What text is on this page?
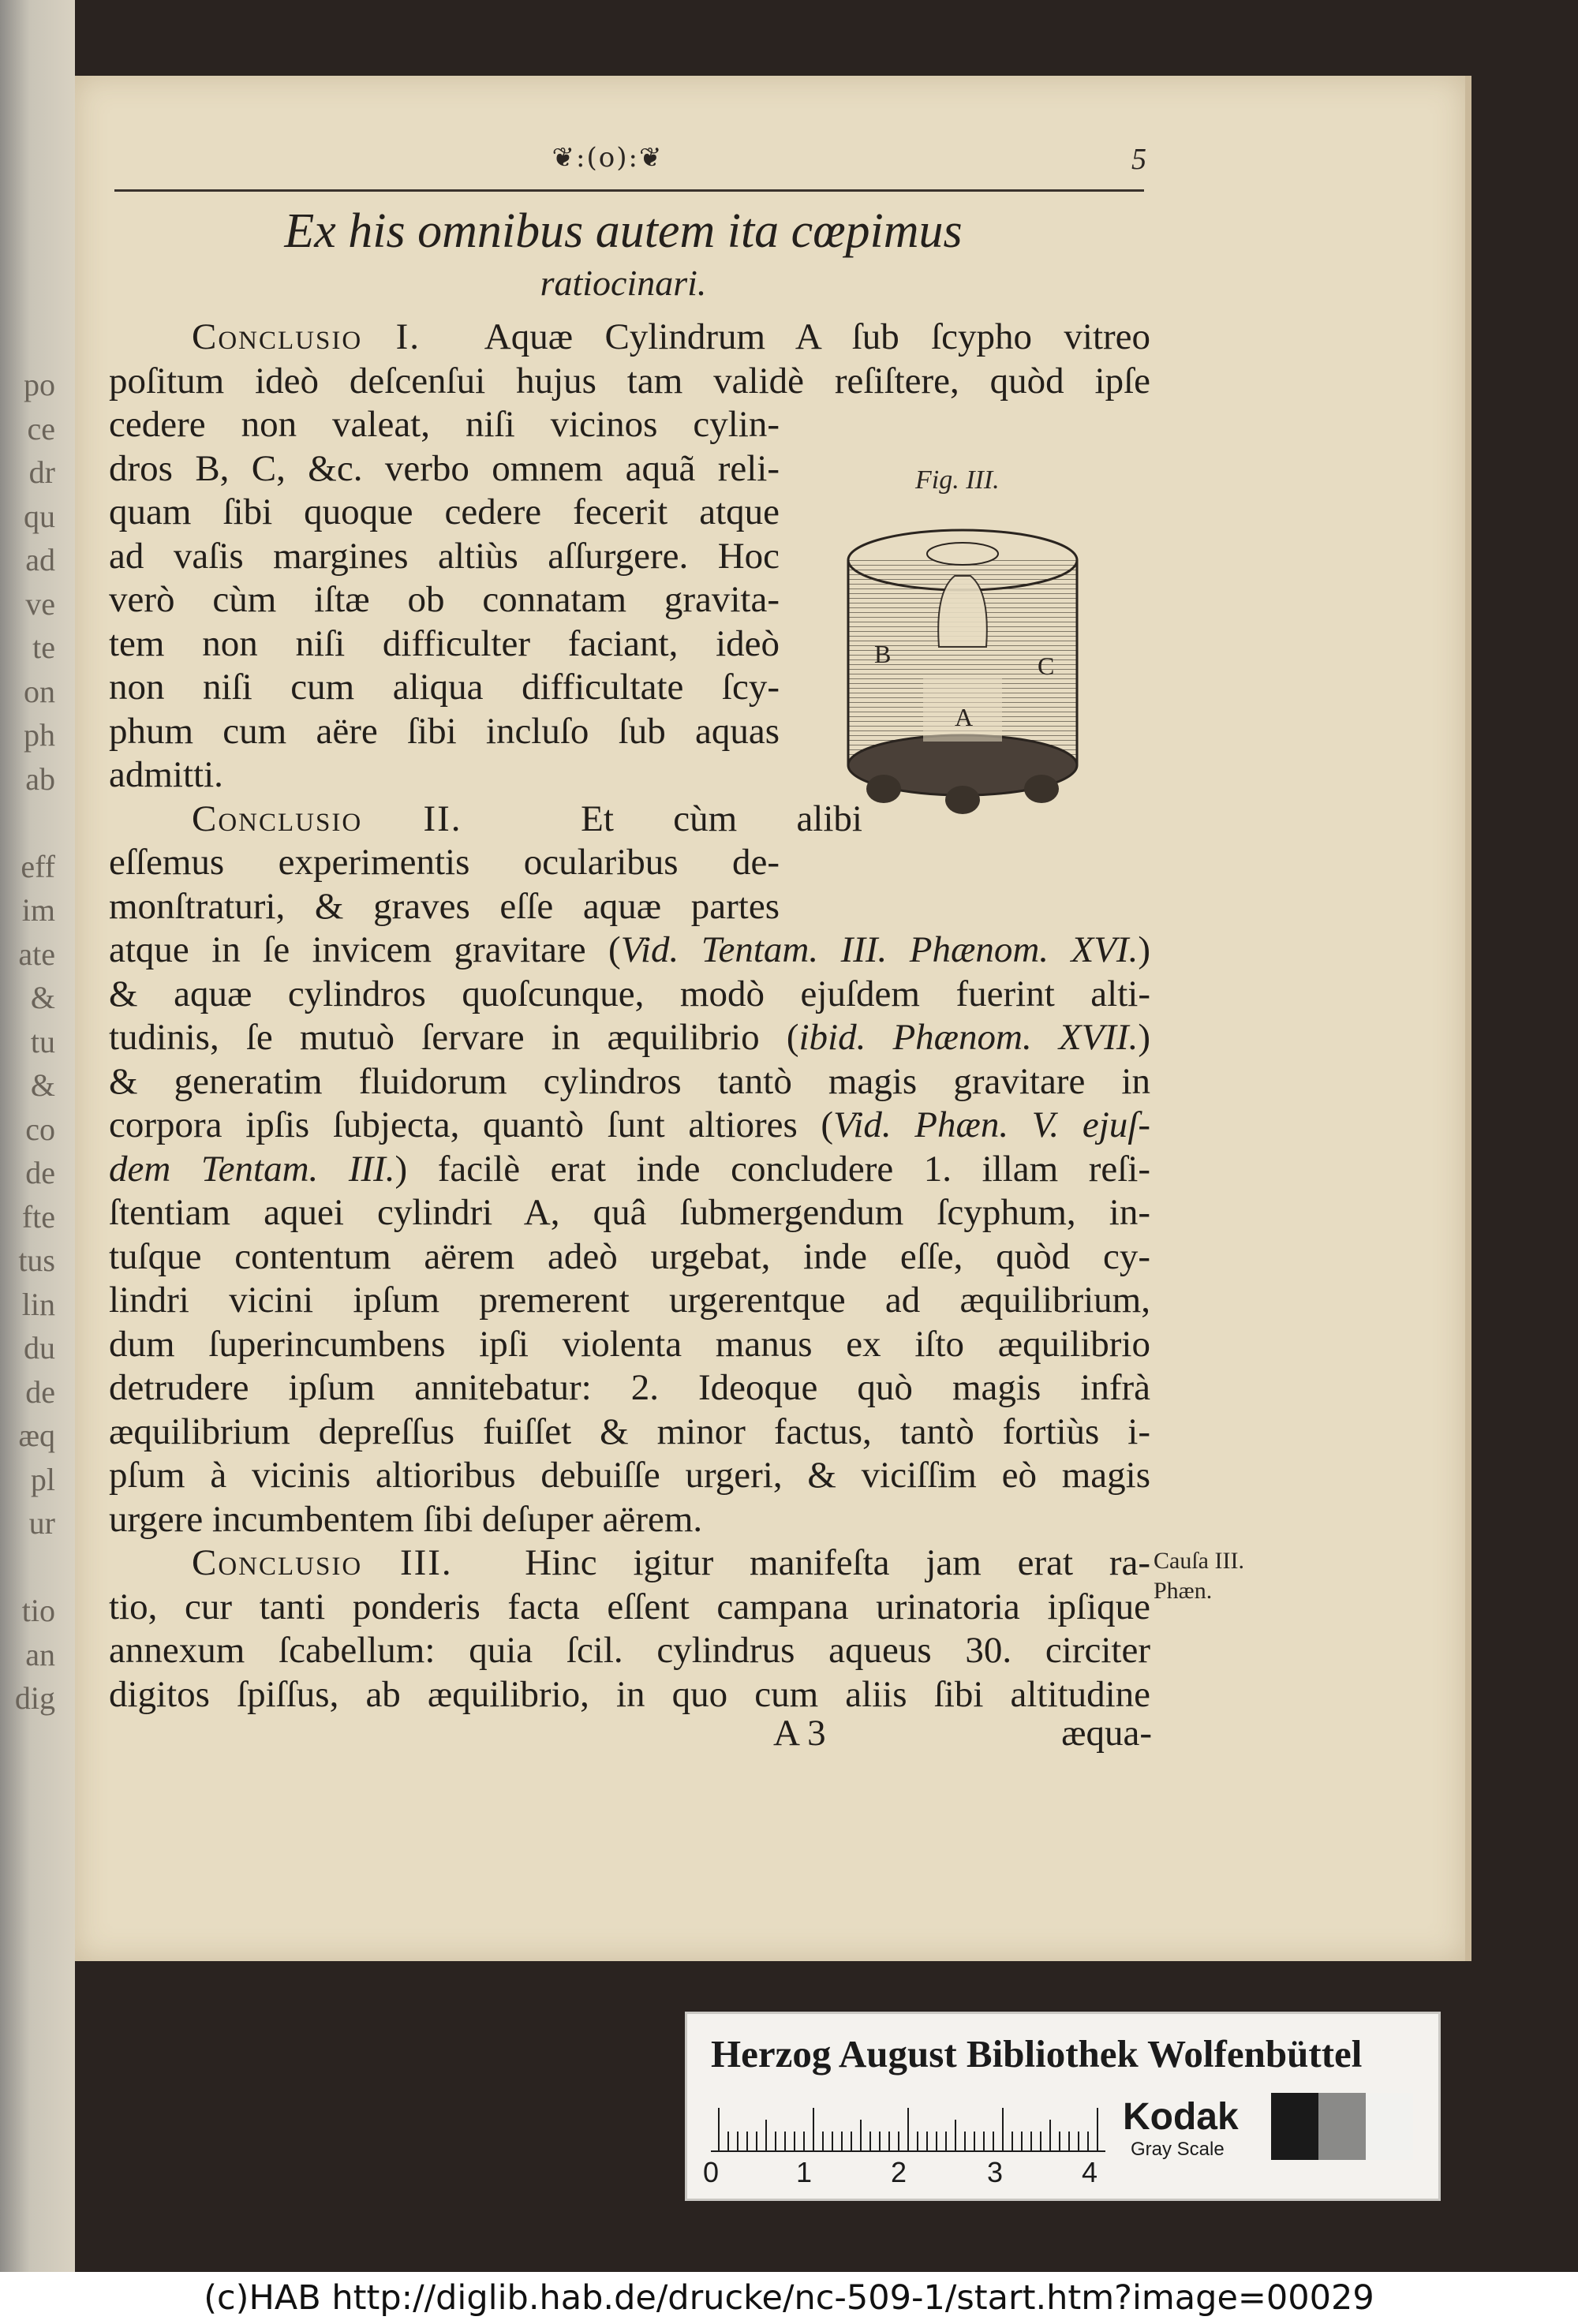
po
ce
dr
qu
ad
ve
te
on
ph
ab
eff
im
ate
&
tu
&
co
de
fte
tus
lin
du
de
æq
pl
ur
tio
an
dig
❦:(o):❦	5
Ex his omnibus autem ita cœpimus
ratiocinari.
Fig. III.
B	C
A
Conclusio I. Aquæ Cylindrum A ſub ſcypho vitreo
poſitum ideò deſcenſui hujus tam validè reſiſtere, quòd ipſe
cedere non valeat, niſi vicinos cylin-
dros B, C, &c. verbo omnem aquã reli-
quam ſibi quoque cedere fecerit atque
ad vaſis margines altiùs aſſurgere. Hoc
verò cùm iſtæ ob connatam gravita-
tem non niſi difficulter faciant, ideò
non niſi cum aliqua difficultate ſcy-
phum cum aëre ſibi incluſo ſub aquas
admitti.
Conclusio II.	Et cùm alibi
eſſemus experimentis ocularibus de-
monſtraturi, & graves eſſe aquæ partes
atque in ſe invicem gravitare (Vid. Tentam. III. Phænom. XVI.)
& aquæ cylindros quoſcunque, modò ejuſdem fuerint alti-
tudinis, ſe mutuò ſervare in æquilibrio (ibid. Phænom. XVII.)
& generatim fluidorum cylindros tantò magis gravitare in
corpora ipſis ſubjecta, quantò ſunt altiores (Vid. Phæn. V. ejuſ-
dem Tentam. III.) facilè erat inde concludere 1. illam reſi-
ſtentiam aquei cylindri A, quâ ſubmergendum ſcyphum, in-
tuſque contentum aërem adeò urgebat, inde eſſe, quòd cy-
lindri vicini ipſum premerent urgerentque ad æquilibrium,
dum ſuperincumbens ipſi violenta manus ex iſto æquilibrio
detrudere ipſum annitebatur: 2. Ideoque quò magis infrà
æquilibrium depreſſus fuiſſet & minor factus, tantò fortiùs i-
pſum à vicinis altioribus debuiſſe urgeri, & viciſſim eò magis
urgere incumbentem ſibi deſuper aërem.
Conclusio III. Hinc igitur manifeſta jam erat ra-
tio, cur tanti ponderis facta eſſent campana urinatoria ipſique
annexum ſcabellum: quia ſcil. cylindrus aqueus 30. circiter
digitos ſpiſſus, ab æquilibrio, in quo cum aliis ſibi altitudine
Cauſa III.
Phæn.
A 3	æqua-
Herzog August Bibliothek Wolfenbüttel
0	1	2	3	4
Kodak
Gray Scale
(c)HAB http://diglib.hab.de/drucke/nc-509-1/start.htm?image=00029
